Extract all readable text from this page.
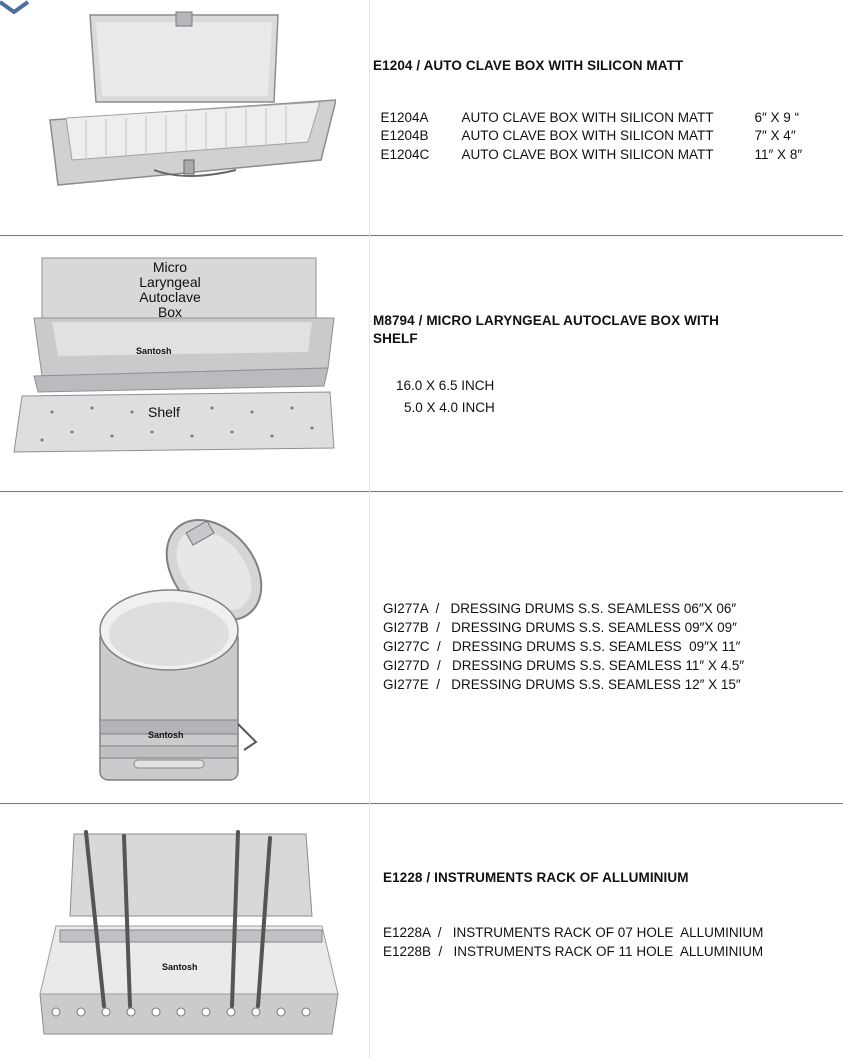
E1204 / AUTO CLAVE BOX WITH SILICON MATT

E1204A AUTO CLAVE BOX WITH SILICON MATT	6″ X 9 “

E1204B AUTO CLAVE BOX WITH SILICON MATT	7″ X 4″

E1204C AUTO CLAVE BOX WITH SILICON MATT	11″ X 8″

Micro
Laryngeal
Autoclave
Box
Santosh
Shelf
M8794 / MICRO LARYNGEAL AUTOCLAVE BOX WITH
SHELF
16.0 X 6.5 INCH
5.0 X 4.0 INCH
Santosh
GI277A  /   DRESSING DRUMS S.S. SEAMLESS 06″X 06″
GI277B  /   DRESSING DRUMS S.S. SEAMLESS 09″X 09″
GI277C  /   DRESSING DRUMS S.S. SEAMLESS  09″X 11″
GI277D  /   DRESSING DRUMS S.S. SEAMLESS 11″ X 4.5″
GI277E  /   DRESSING DRUMS S.S. SEAMLESS 12″ X 15″
Santosh
E1228 / INSTRUMENTS RACK OF ALLUMINIUM
E1228A  /   INSTRUMENTS RACK OF 07 HOLE  ALLUMINIUM
E1228B  /   INSTRUMENTS RACK OF 11 HOLE  ALLUMINIUM
